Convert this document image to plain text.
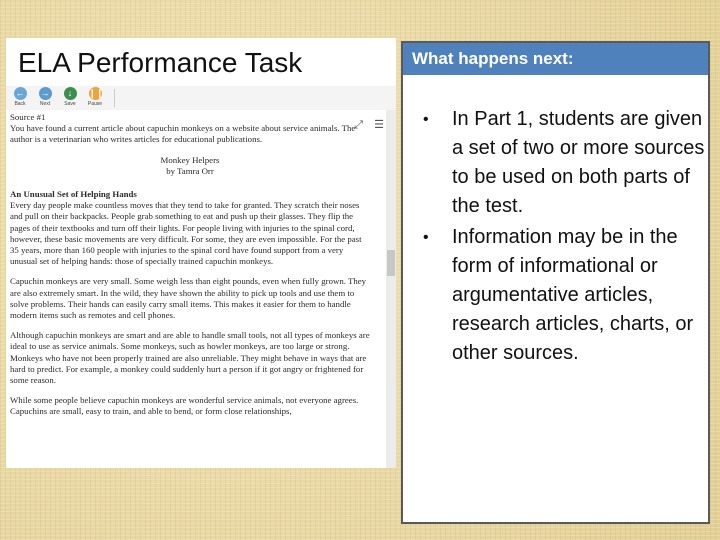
ELA Performance Task
←
Back
→
Next
↓
Save
❙❙
Pause
⤢ ☰

Source #1

You have found a current article about capuchin monkeys on a website about service animals. The author is a veterinarian who writes articles for educational publications.

Monkey Helpers
by Tamra Orr

An Unusual Set of Helping Hands

Every day people make countless moves that they tend to take for granted. They scratch their noses and pull on their backpacks. People grab something to eat and push up their glasses. They flip the pages of their textbooks and turn off their lights. For people living with injuries to the spinal cord, however, these basic movements are very difficult. For some, they are even impossible. For the past 35 years, more than 160 people with injuries to the spinal cord have found support from a very unusual set of helping hands: those of specially trained capuchin monkeys.

Capuchin monkeys are very small. Some weigh less than eight pounds, even when fully grown. They are also extremely smart. In the wild, they have shown the ability to pick up tools and use them to solve problems. Their hands can easily carry small items. This makes it easier for them to handle modern items such as remotes and cell phones.

Although capuchin monkeys are smart and are able to handle small tools, not all types of monkeys are ideal to use as service animals. Some monkeys, such as howler monkeys, are too large or strong. Monkeys who have not been properly trained are also unreliable. They might behave in ways that are hard to predict. For example, a monkey could suddenly hurt a person if it got angry or frightened for some reason.

While some people believe capuchin monkeys are wonderful service animals, not everyone agrees. Capuchins are small, easy to train, and able to bend, or form close relationships,

What happens next:
• In Part 1, students are given a set of two or more sources to be used on both parts of the test.
• Information may be in the form of informational or argumentative articles, research articles, charts, or other sources.
